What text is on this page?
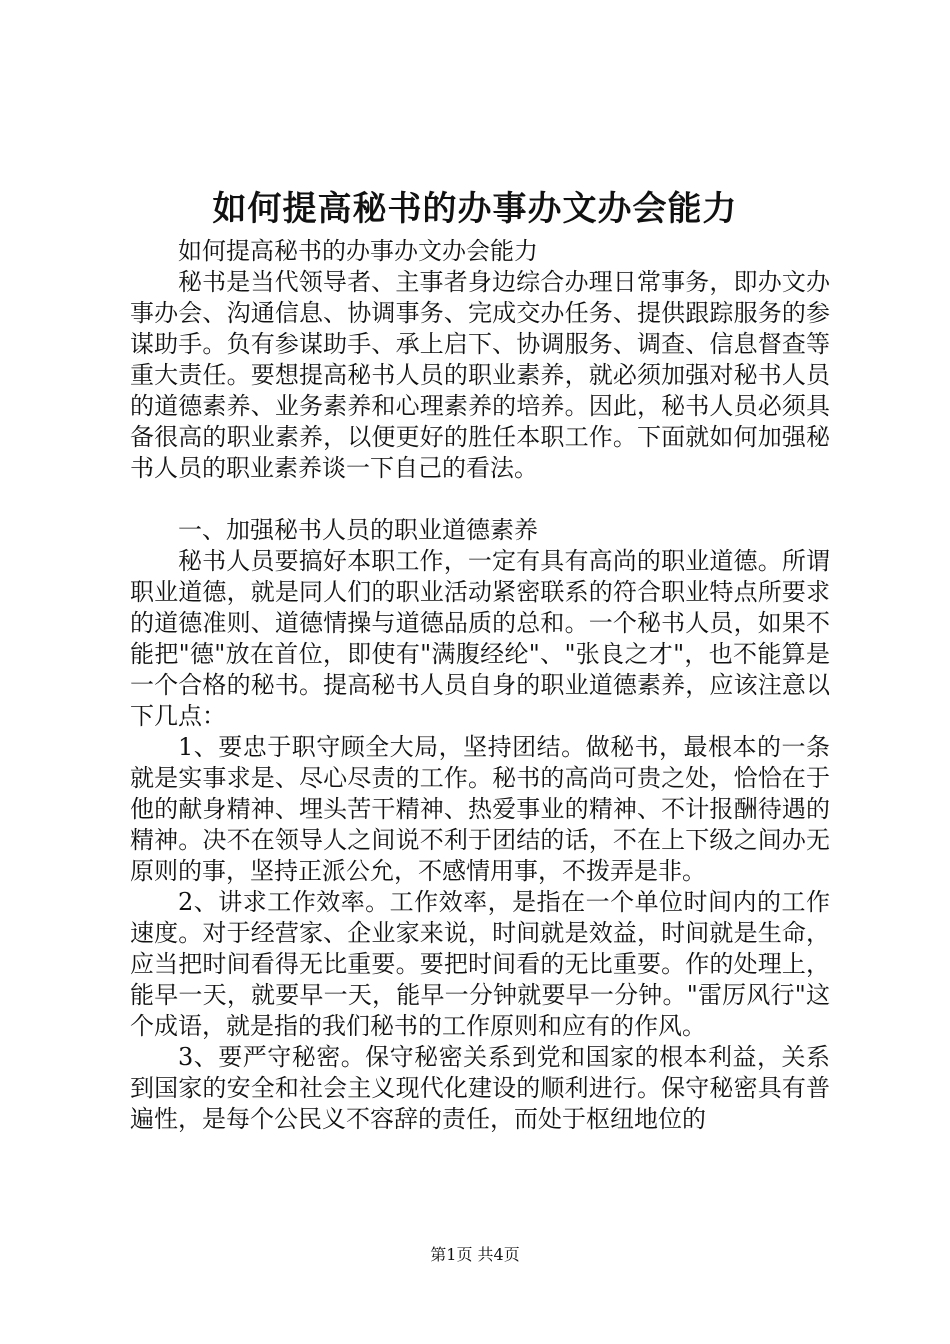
如何提高秘书的办事办文办会能力

如何提高秘书的办事办文办会能力

秘书是当代领导者、主事者身边综合办理日常事务，即办文办事办会、沟通信息、协调事务、完成交办任务、提供跟踪服务的参谋助手。负有参谋助手、承上启下、协调服务、调查、信息督查等重大责任。要想提高秘书人员的职业素养，就必须加强对秘书人员的道德素养、业务素养和心理素养的培养。因此，秘书人员必须具备很高的职业素养，以便更好的胜任本职工作。下面就如何加强秘书人员的职业素养谈一下自己的看法。

一、加强秘书人员的职业道德素养

秘书人员要搞好本职工作，一定有具有高尚的职业道德。所谓职业道德，就是同人们的职业活动紧密联系的符合职业特点所要求的道德准则、道德情操与道德品质的总和。一个秘书人员，如果不能把"德"放在首位，即使有"满腹经纶"、"张良之才"，也不能算是一个合格的秘书。提高秘书人员自身的职业道德素养，应该注意以下几点：

1、要忠于职守顾全大局，坚持团结。做秘书，最根本的一条就是实事求是、尽心尽责的工作。秘书的高尚可贵之处，恰恰在于他的献身精神、埋头苦干精神、热爱事业的精神、不计报酬待遇的精神。决不在领导人之间说不利于团结的话，不在上下级之间办无原则的事，坚持正派公允，不感情用事，不拨弄是非。

2、讲求工作效率。工作效率，是指在一个单位时间内的工作速度。对于经营家、企业家来说，时间就是效益，时间就是生命，应当把时间看得无比重要。要把时间看的无比重要。作的处理上，能早一天，就要早一天，能早一分钟就要早一分钟。"雷厉风行"这个成语，就是指的我们秘书的工作原则和应有的作风。

3、要严守秘密。保守秘密关系到党和国家的根本利益，关系到国家的安全和社会主义现代化建设的顺利进行。保守秘密具有普遍性，是每个公民义不容辞的责任，而处于枢纽地位的

第1页 共4页
